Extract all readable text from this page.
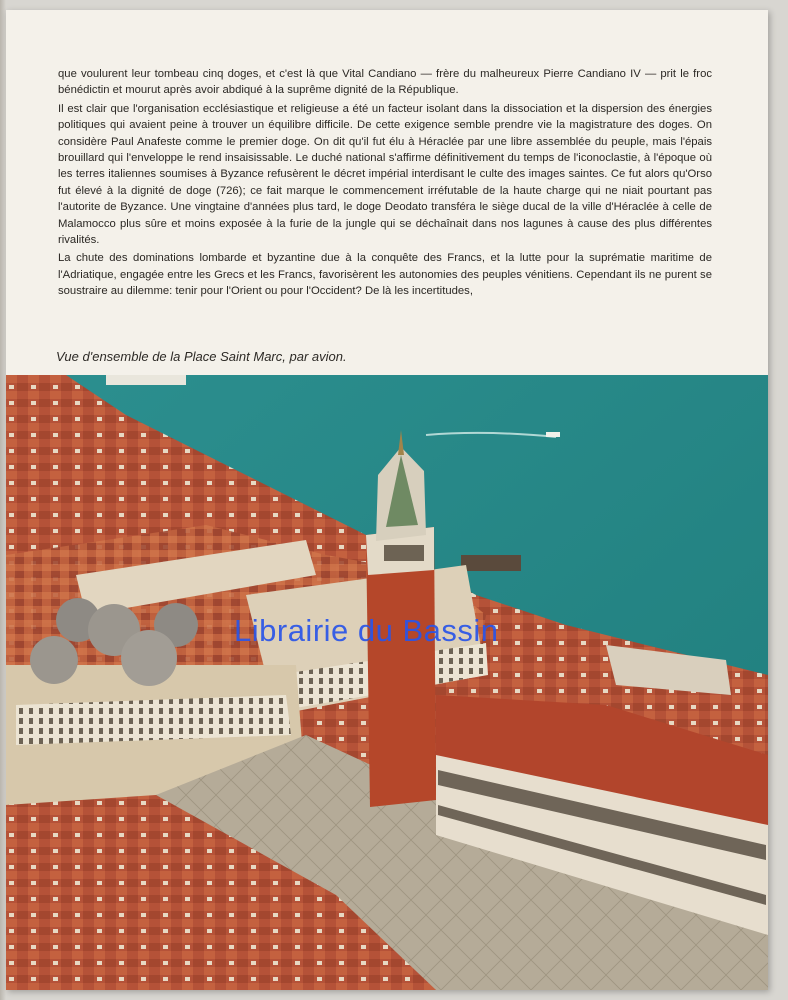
que voulurent leur tombeau cinq doges, et c'est là que Vital Candiano — frère du malheureux Pierre Candiano IV — prit le froc bénédictin et mourut après avoir abdiqué à la suprême dignité de la République.

Il est clair que l'organisation ecclésiastique et religieuse a été un facteur isolant dans la dissociation et la dispersion des énergies politiques qui avaient peine à trouver un équilibre difficile. De cette exigence semble prendre vie la magistrature des doges. On considère Paul Anafeste comme le premier doge. On dit qu'il fut élu à Héraclée par une libre assemblée du peuple, mais l'épais brouillard qui l'enveloppe le rend insaisissable. Le duché national s'affirme définitivement du temps de l'iconoclastie, à l'époque où les terres italiennes soumises à Byzance refusèrent le décret impérial interdisant le culte des images saintes. Ce fut alors qu'Orso fut élevé à la dignité de doge (726); ce fait marque le commencement irréfutable de la haute charge qui ne niait pourtant pas l'autorite de Byzance. Une vingtaine d'années plus tard, le doge Deodato transféra le siège ducal de la ville d'Héraclée à celle de Malamocco plus sûre et moins exposée à la furie de la jungle qui se déchaînait dans nos lagunes à cause des plus différentes rivalités.

La chute des dominations lombarde et byzantine due à la conquête des Francs, et la lutte pour la suprématie maritime de l'Adriatique, engagée entre les Grecs et les Francs, favorisèrent les autonomies des peuples vénitiens. Cependant ils ne purent se soustraire au dilemme: tenir pour l'Orient ou pour l'Occident? De là les incertitudes,

Vue d'ensemble de la Place Saint Marc, par avion.
Librairie du Bassin
